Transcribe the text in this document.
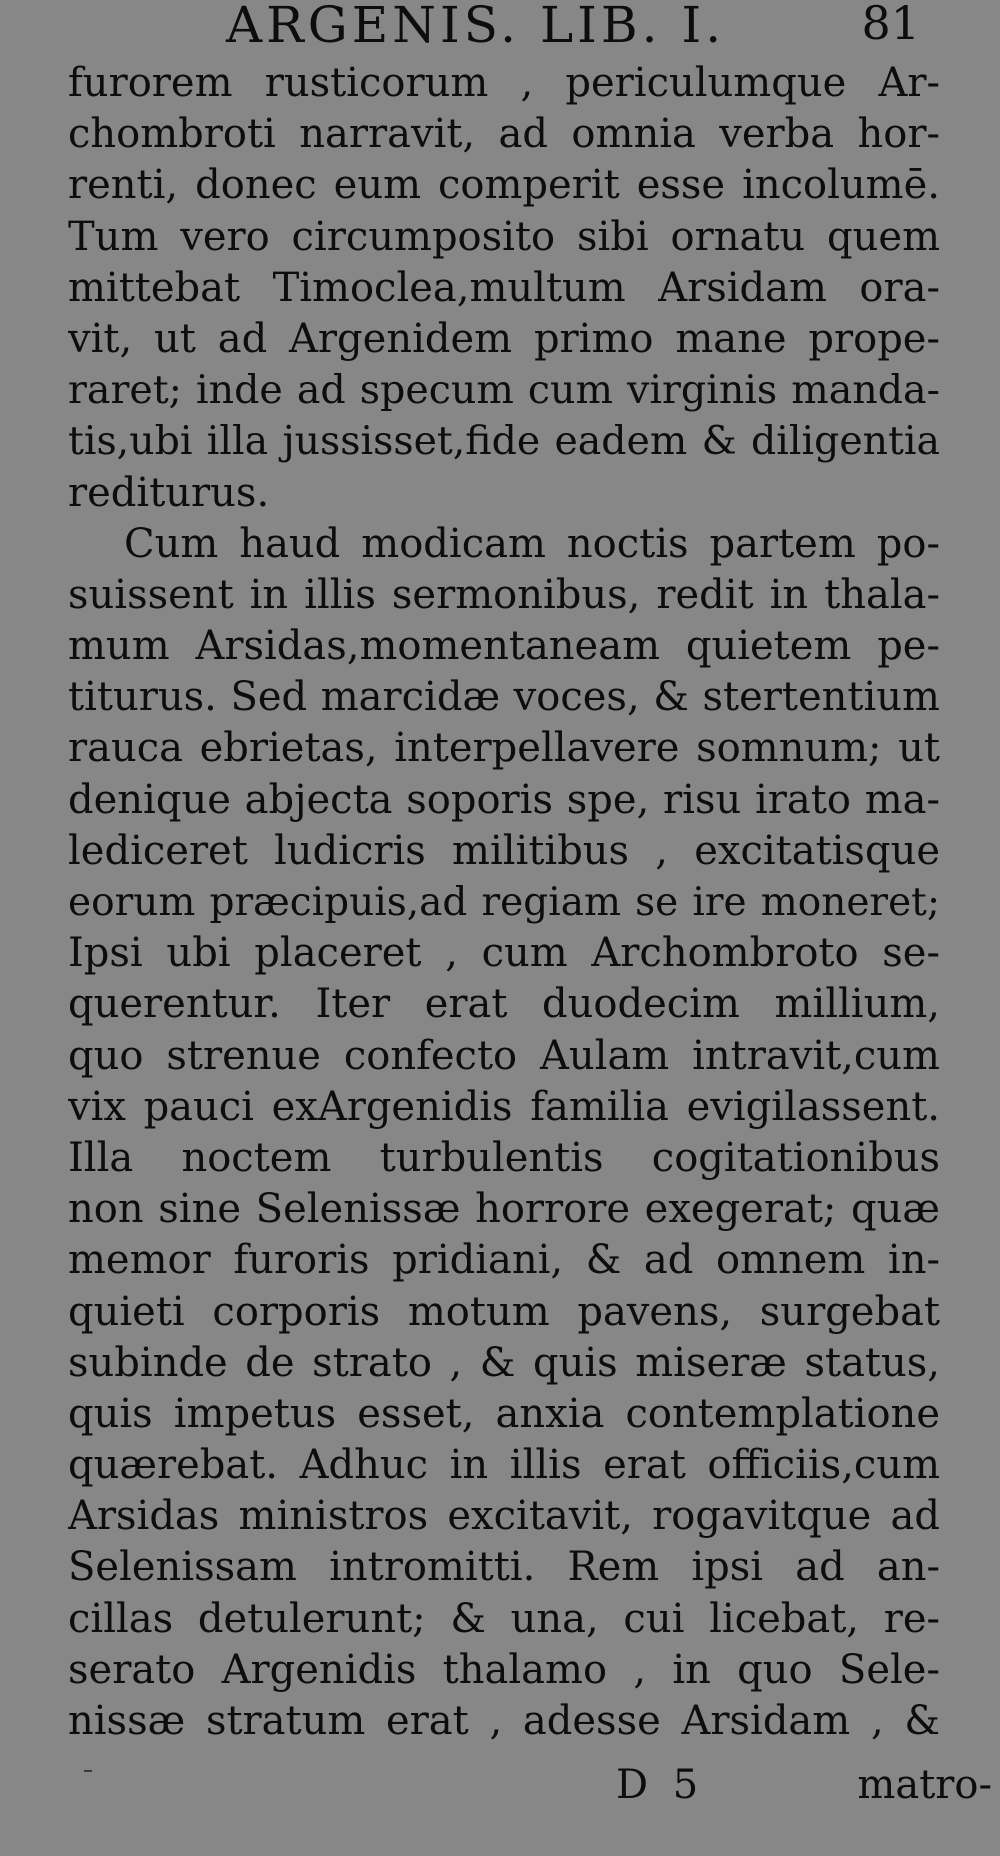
ARGENIS. LIB. I.	81
furorem rusticorum , periculumque Ar-
chombroti narravit, ad omnia verba hor-
renti, donec eum comperit esse incolumē.
Tum vero circumposito sibi ornatu quem
mittebat Timoclea,multum Arsidam ora-
vit, ut ad Argenidem primo mane prope-
raret; inde ad specum cum virginis manda-
tis,ubi illa jussisset,fide eadem & diligentia
rediturus.
Cum haud modicam noctis partem po-
suissent in illis sermonibus, redit in thala-
mum Arsidas,momentaneam quietem pe-
titurus. Sed marcidæ voces, & stertentium
rauca ebrietas, interpellavere somnum; ut
denique abjecta soporis spe, risu irato ma-
lediceret ludicris militibus , excitatisque
eorum præcipuis,ad regiam se ire moneret;
Ipsi ubi placeret , cum Archombroto se-
querentur. Iter erat duodecim millium,
quo strenue confecto Aulam intravit,cum
vix pauci exArgenidis familia evigilassent.
Illa noctem turbulentis cogitationibus
non sine Selenissæ horrore exegerat; quæ
memor furoris pridiani, & ad omnem in-
quieti corporis motum pavens, surgebat
subinde de strato , & quis miseræ status,
quis impetus esset, anxia contemplatione
quærebat. Adhuc in illis erat officiis,cum
Arsidas ministros excitavit, rogavitque ad
Selenissam intromitti. Rem ipsi ad an-
cillas detulerunt; & una, cui licebat, re-
serato Argenidis thalamo , in quo Sele-
nissæ stratum erat , adesse Arsidam , &
D 5	matro-
